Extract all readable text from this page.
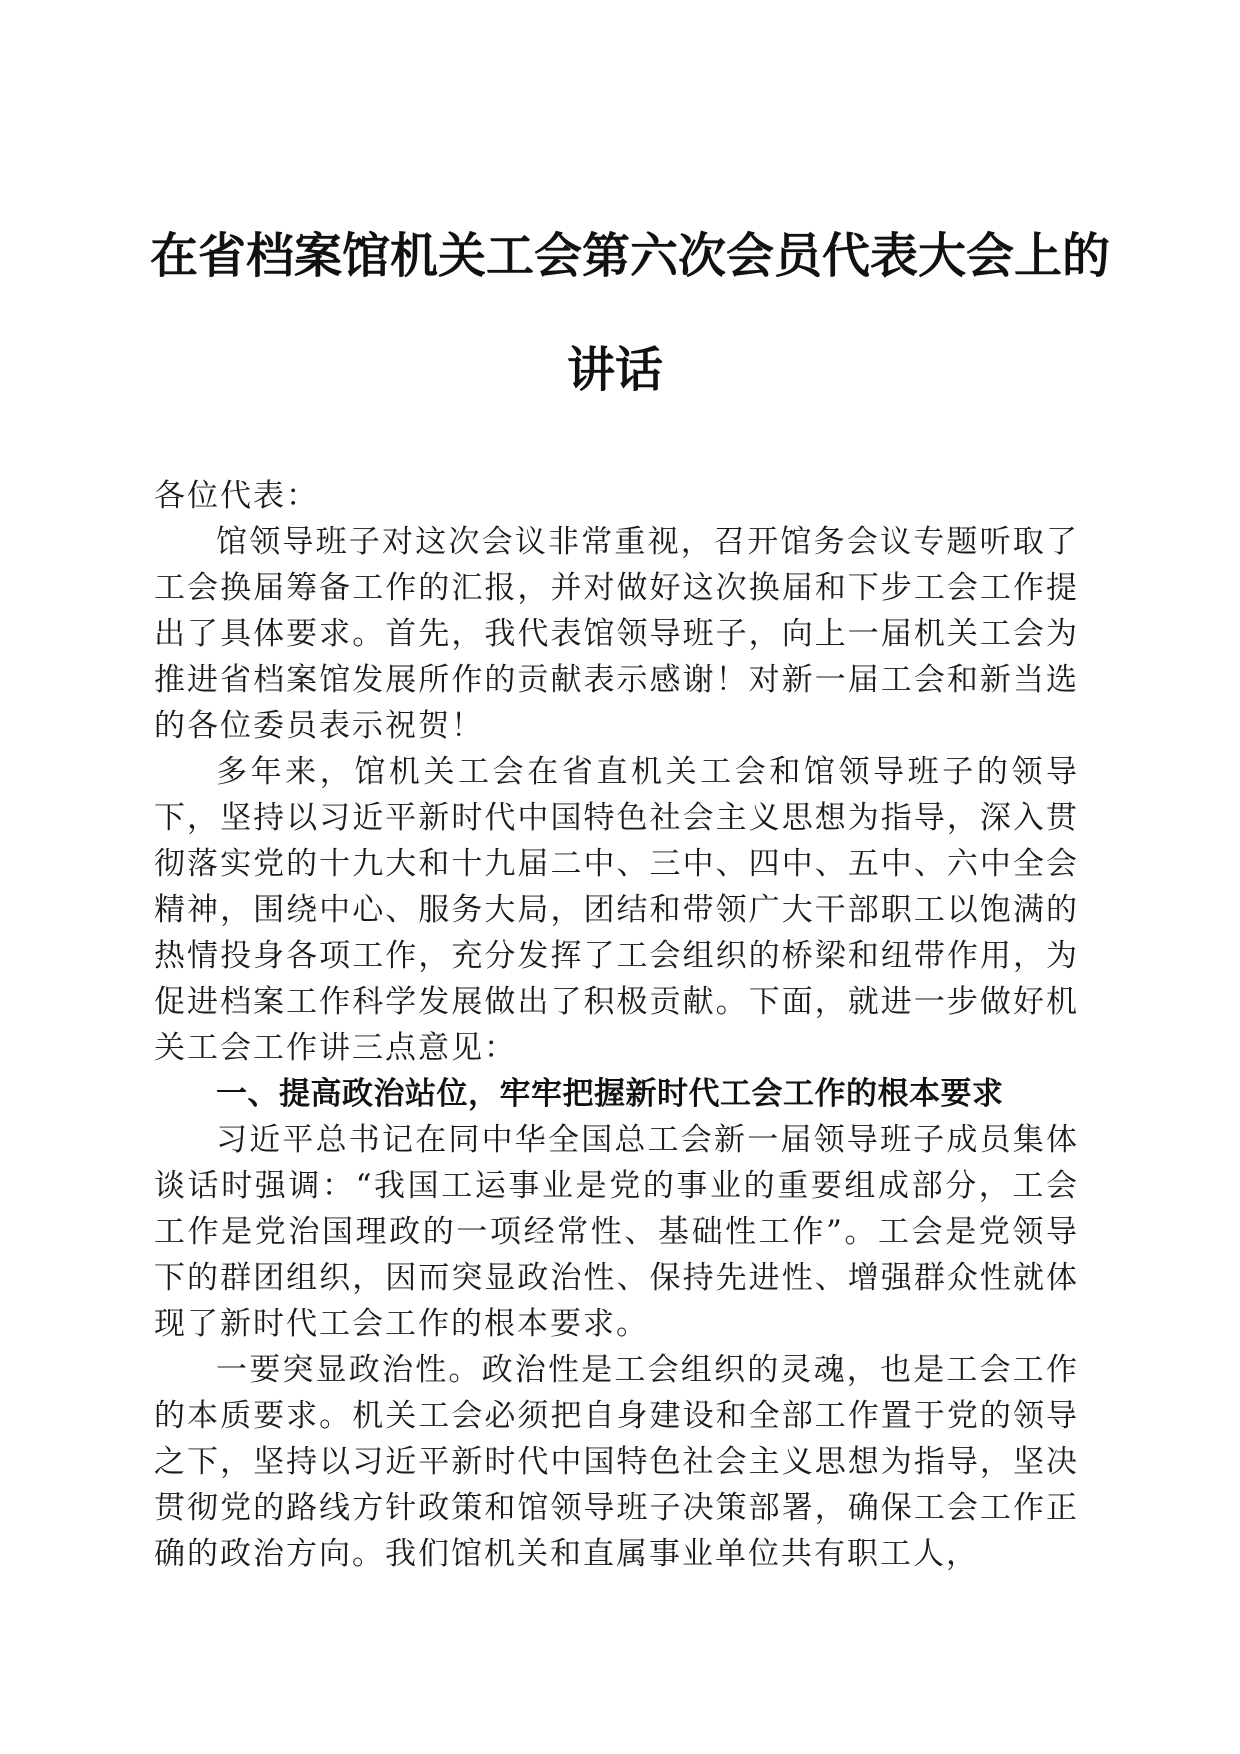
在省档案馆机关工会第六次会员代表大会上的
讲话

各位代表：

馆领导班子对这次会议非常重视，召开馆务会议专题听取了工会换届筹备工作的汇报，并对做好这次换届和下步工会工作提出了具体要求。首先，我代表馆领导班子，向上一届机关工会为推进省档案馆发展所作的贡献表示感谢！对新一届工会和新当选的各位委员表示祝贺！

多年来，馆机关工会在省直机关工会和馆领导班子的领导下，坚持以习近平新时代中国特色社会主义思想为指导，深入贯彻落实党的十九大和十九届二中、三中、四中、五中、六中全会精神，围绕中心、服务大局，团结和带领广大干部职工以饱满的热情投身各项工作，充分发挥了工会组织的桥梁和纽带作用，为促进档案工作科学发展做出了积极贡献。下面，就进一步做好机关工会工作讲三点意见：

一、提高政治站位，牢牢把握新时代工会工作的根本要求

习近平总书记在同中华全国总工会新一届领导班子成员集体谈话时强调：“我国工运事业是党的事业的重要组成部分，工会工作是党治国理政的一项经常性、基础性工作”。工会是党领导下的群团组织，因而突显政治性、保持先进性、增强群众性就体现了新时代工会工作的根本要求。

一要突显政治性。政治性是工会组织的灵魂，也是工会工作的本质要求。机关工会必须把自身建设和全部工作置于党的领导之下，坚持以习近平新时代中国特色社会主义思想为指导，坚决贯彻党的路线方针政策和馆领导班子决策部署，确保工会工作正确的政治方向。我们馆机关和直属事业单位共有职工人，
